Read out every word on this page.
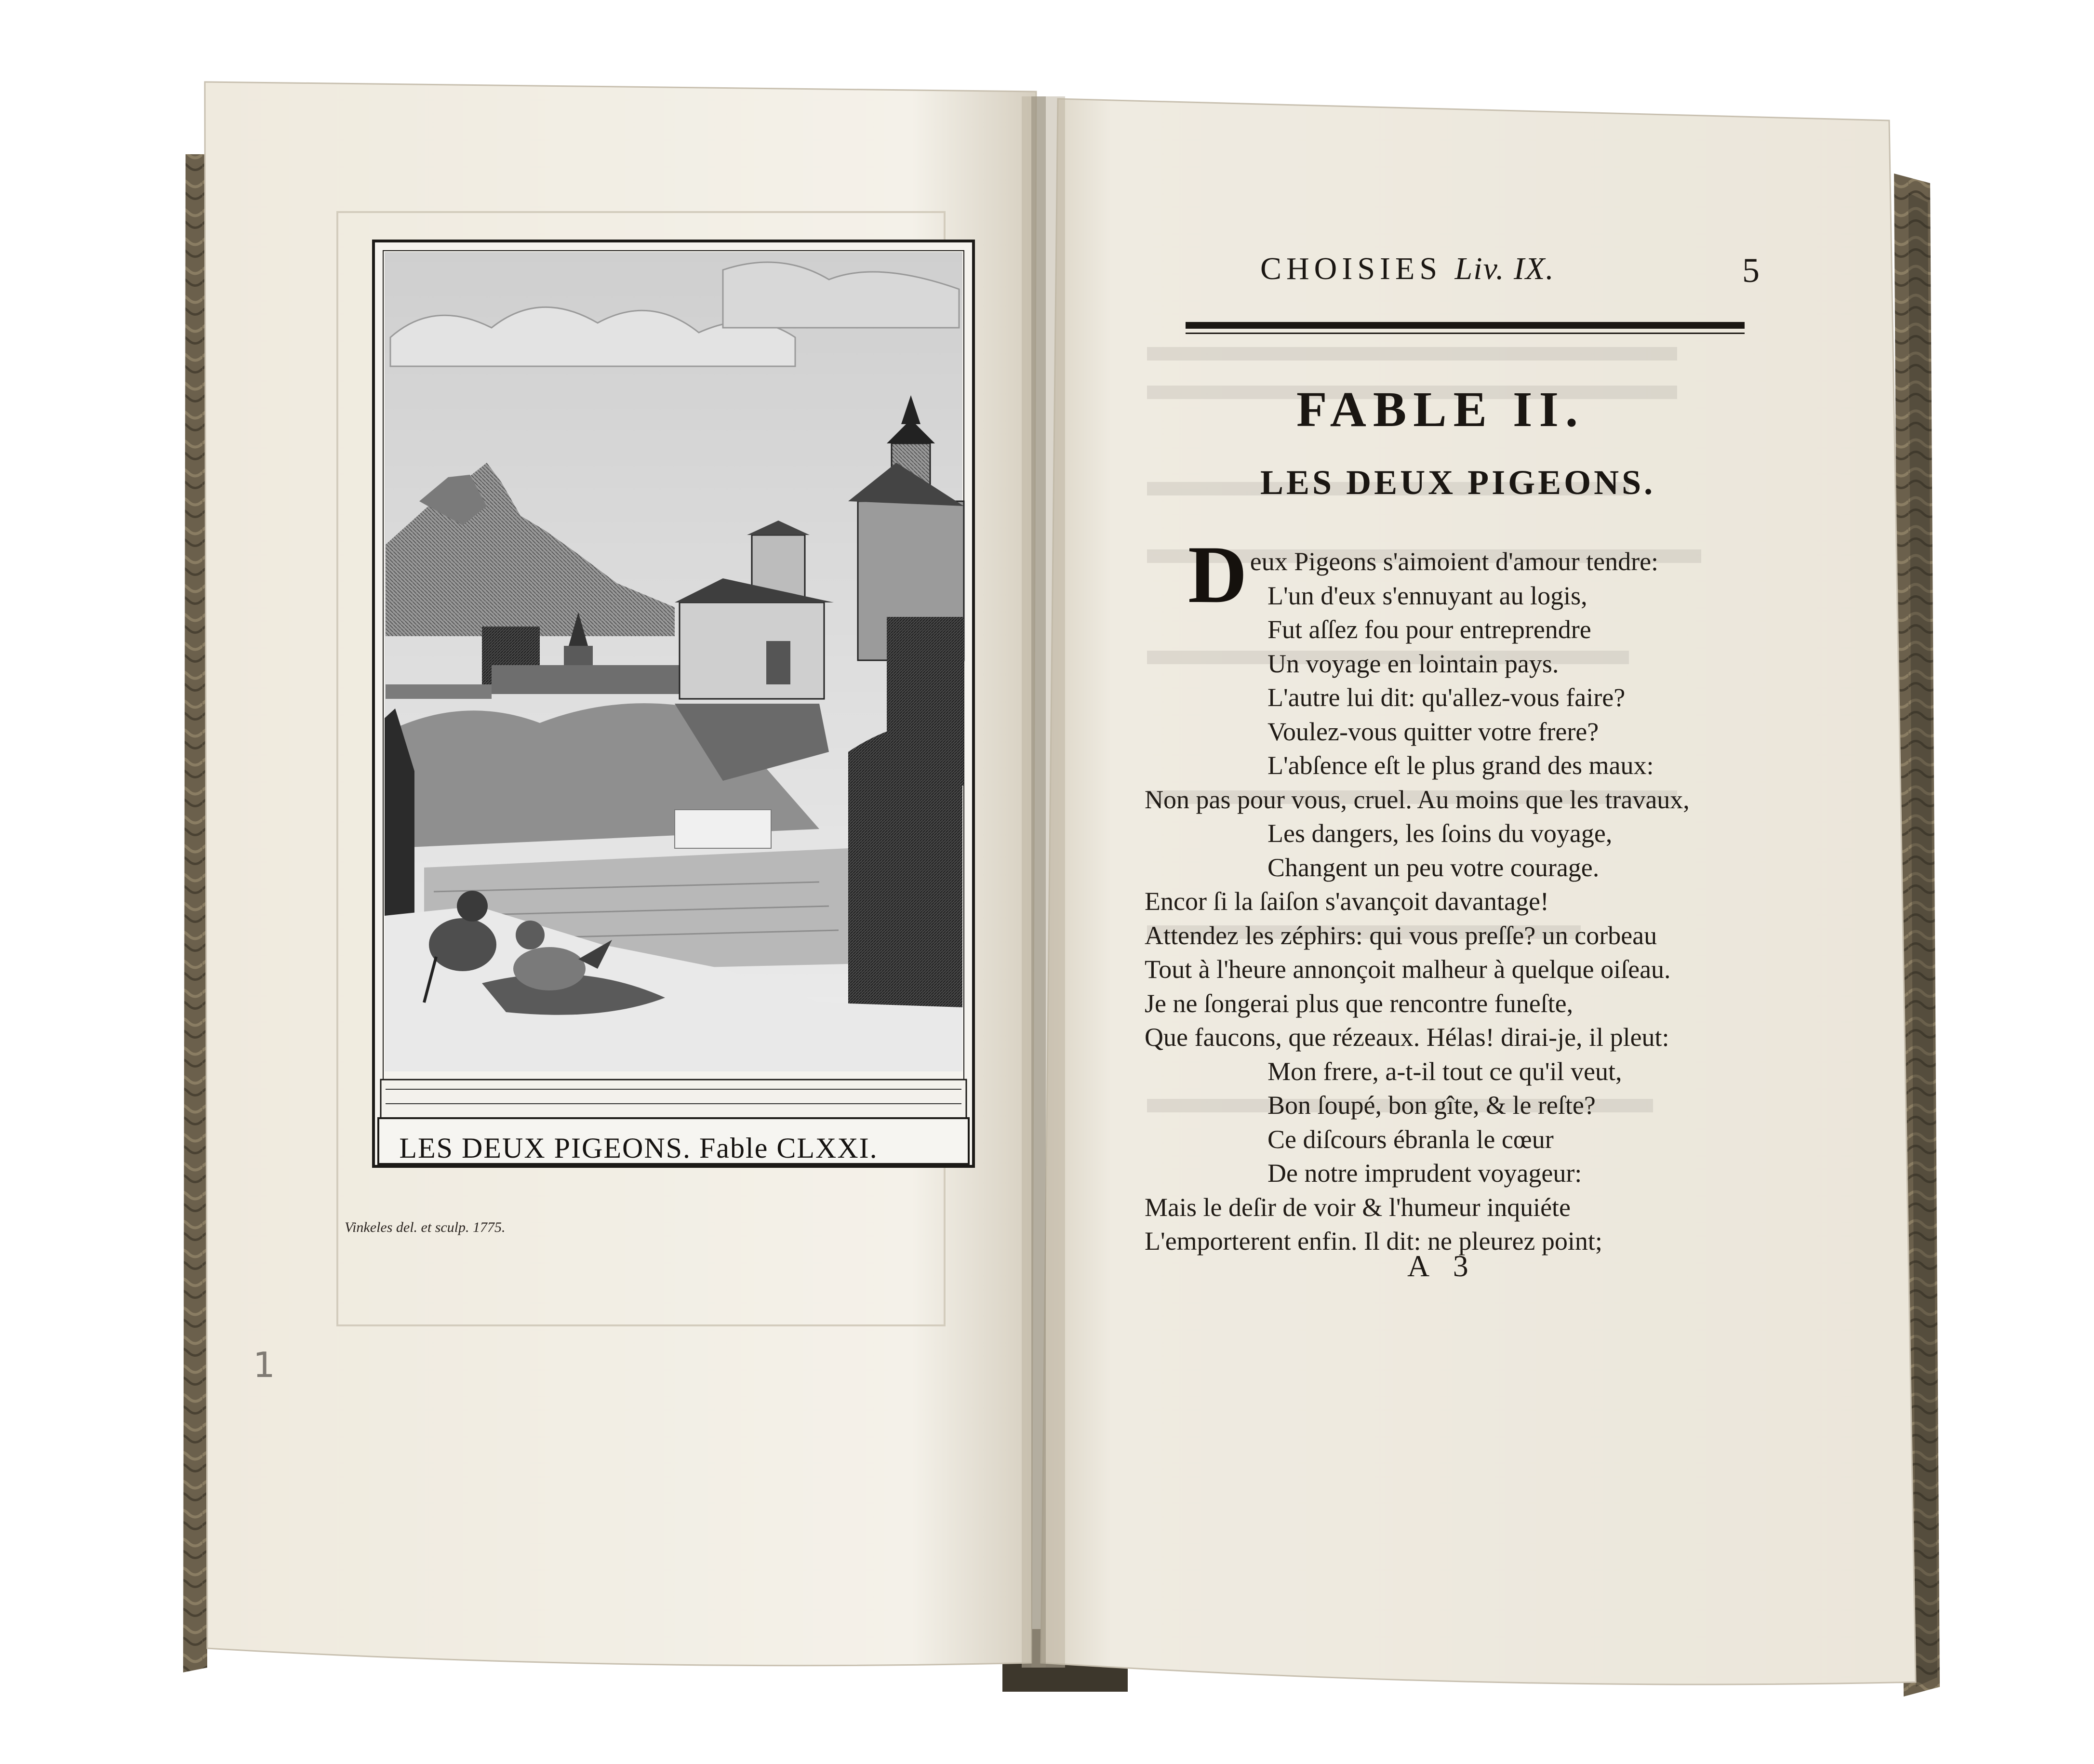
LES DEUX PIGEONS. Fable CLXXI.
Vinkeles del. et sculp. 1775.
1
CHOISIES Liv. IX.	5
FABLE II.
LES DEUX PIGEONS.
Deux Pigeons s'aimoient d'amour tendre:
L'un d'eux s'ennuyant au logis,
Fut aſſez fou pour entreprendre
Un voyage en lointain pays.
L'autre lui dit: qu'allez-vous faire?
Voulez-vous quitter votre frere?
L'abſence eſt le plus grand des maux:
Non pas pour vous, cruel. Au moins que les travaux,
Les dangers, les ſoins du voyage,
Changent un peu votre courage.
Encor ſi la ſaiſon s'avançoit davantage!
Attendez les zéphirs: qui vous preſſe? un corbeau
Tout à l'heure annonçoit malheur à quelque oiſeau.
Je ne ſongerai plus que rencontre funeſte,
Que faucons, que rézeaux. Hélas! dirai-je, il pleut:
Mon frere, a-t-il tout ce qu'il veut,
Bon ſoupé, bon gîte, & le reſte?
Ce diſcours ébranla le cœur
De notre imprudent voyageur:
Mais le deſir de voir & l'humeur inquiéte
L'emporterent enfin. Il dit: ne pleurez point;
A 3
